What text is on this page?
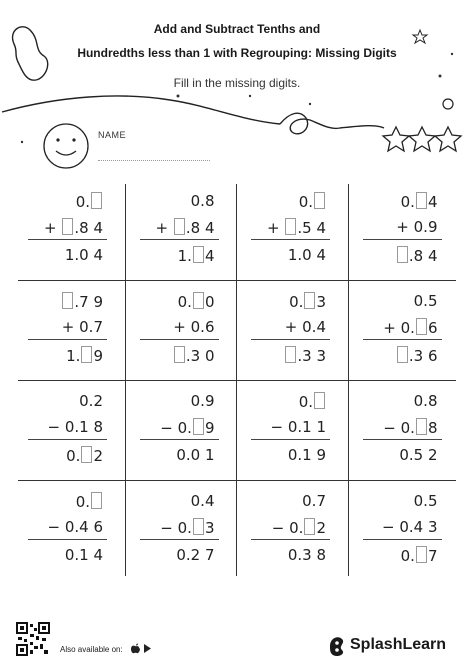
Add and Subtract Tenths and
Hundredths less than 1 with Regrouping: Missing Digits
Fill in the missing digits.
NAME
0.
+ .8 4
1.0 4
0.8
+ .8 4
1. 4
0.
+ .5 4
1.0 4
0. 4
+ 0.9
.8 4
.7 9
+ 0.7
1. 9
0. 0
+ 0.6
.3 0
0. 3
+ 0.4
.3 3
0.5
+ 0. 6
.3 6
0.2
− 0.1 8
0. 2
0.9
− 0. 9
0.0 1
0.
− 0.1 1
0.1 9
0.8
− 0. 8
0.5 2
0.
− 0.4 6
0.1 4
0.4
− 0. 3
0.2 7
0.7
− 0. 2
0.3 8
0.5
− 0.4 3
0. 7
Also available on:	SplashLearn
